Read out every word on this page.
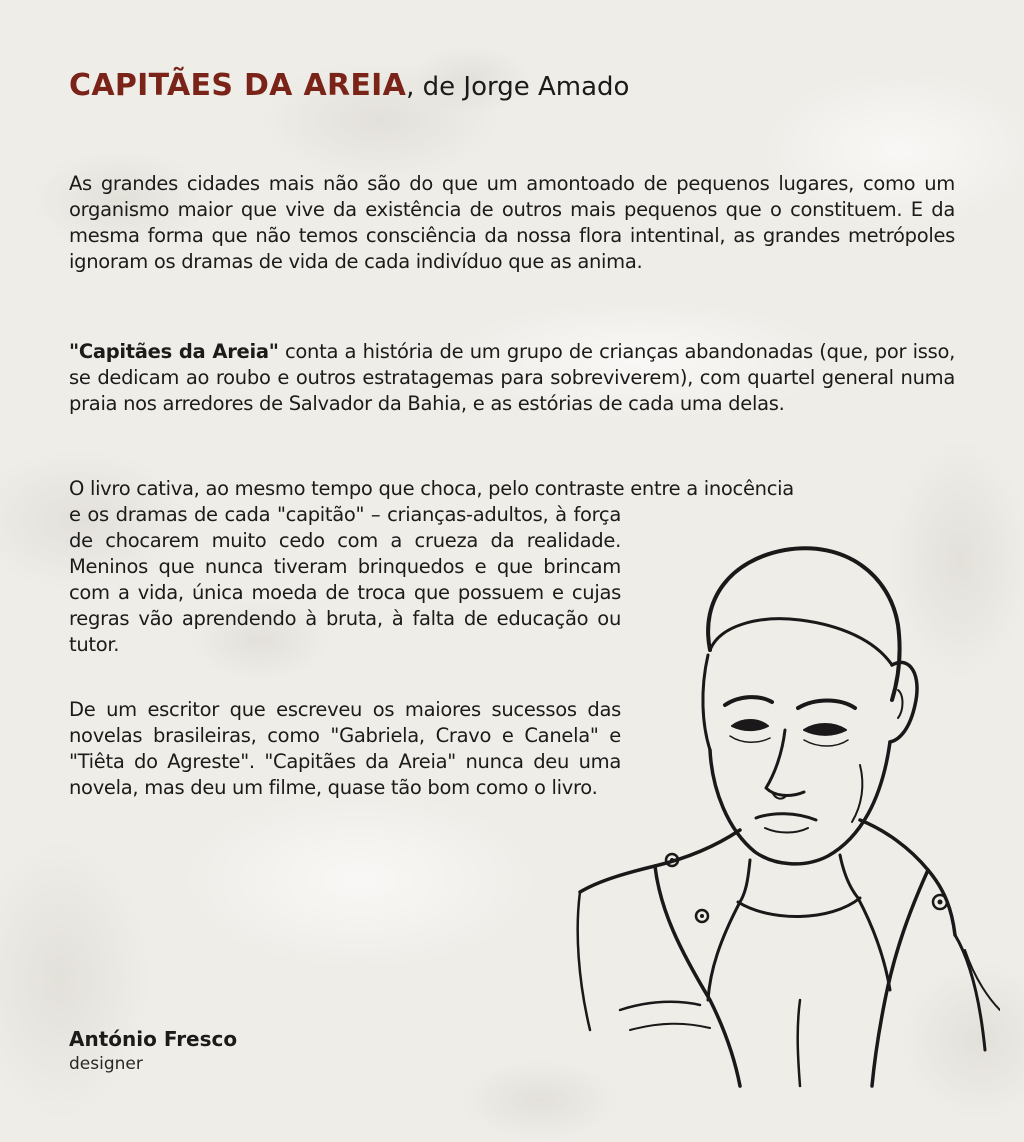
CAPITÃES DA AREIA, de Jorge Amado

As grandes cidades mais não são do que um amontoado de pequenos lugares, como um organismo maior que vive da existência de outros mais pequenos que o constituem. E da mesma forma que não temos consciência da nossa flora intentinal, as grandes metrópoles ignoram os dramas de vida de cada indivíduo que as anima.

"Capitães da Areia" conta a história de um grupo de crianças abandonadas (que, por isso, se dedicam ao roubo e outros estratagemas para sobreviverem), com quartel general numa praia nos arredores de Salvador da Bahia, e as estórias de cada uma delas.

O livro cativa, ao mesmo tempo que choca, pelo contraste entre a inocência

e os dramas de cada "capitão" – crianças-adultos, à força de chocarem muito cedo com a crueza da realidade. Meninos que nunca tiveram brinquedos e que brincam com a vida, única moeda de troca que possuem e cujas regras vão aprendendo à bruta, à falta de educação ou tutor.

De um escritor que escreveu os maiores sucessos das novelas brasileiras, como "Gabriela, Cravo e Canela" e "Tiêta do Agreste". "Capitães da Areia" nunca deu uma novela, mas deu um filme, quase tão bom como o livro.

António Fresco
designer
